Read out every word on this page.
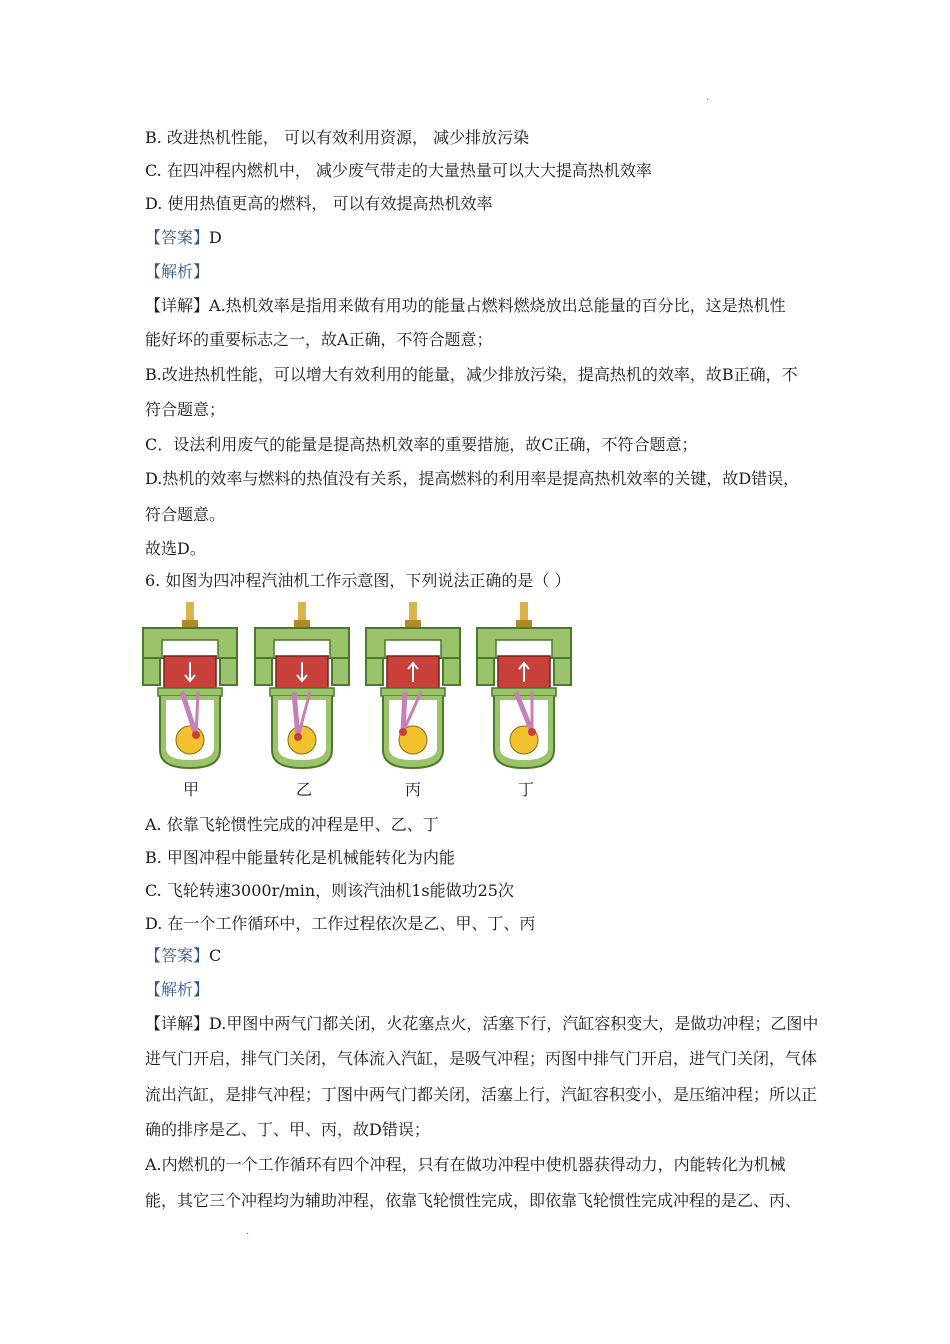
.
B. 改进热机性能， 可以有效利用资源， 减少排放污染
C. 在四冲程内燃机中， 减少废气带走的大量热量可以大大提高热机效率
D. 使用热值更高的燃料， 可以有效提高热机效率
【答案】D
【解析】
【详解】A.热机效率是指用来做有用功的能量占燃料燃烧放出总能量的百分比，这是热机性
能好坏的重要标志之一，故A正确，不符合题意；
B.改进热机性能，可以增大有效利用的能量，减少排放污染，提高热机的效率，故B正确，不
符合题意；
C．设法利用废气的能量是提高热机效率的重要措施，故C正确，不符合题意；
D.热机的效率与燃料的热值没有关系，提高燃料的利用率是提高热机效率的关键，故D错误，
符合题意。
故选D。
6. 如图为四冲程汽油机工作示意图，下列说法正确的是（ ）
甲	乙	丙	丁
A. 依靠飞轮惯性完成的冲程是甲、乙、丁
B. 甲图冲程中能量转化是机械能转化为内能
C. 飞轮转速3000r/min，则该汽油机1s能做功25次
D. 在一个工作循环中，工作过程依次是乙、甲、丁、丙
【答案】C
【解析】
【详解】D.甲图中两气门都关闭，火花塞点火，活塞下行，汽缸容积变大，是做功冲程；乙图中
进气门开启，排气门关闭，气体流入汽缸，是吸气冲程；丙图中排气门开启，进气门关闭，气体
流出汽缸，是排气冲程；丁图中两气门都关闭，活塞上行，汽缸容积变小，是压缩冲程；所以正
确的排序是乙、丁、甲、丙，故D错误；
A.内燃机的一个工作循环有四个冲程，只有在做功冲程中使机器获得动力，内能转化为机械
能，其它三个冲程均为辅助冲程，依靠飞轮惯性完成，即依靠飞轮惯性完成冲程的是乙、丙、
.
